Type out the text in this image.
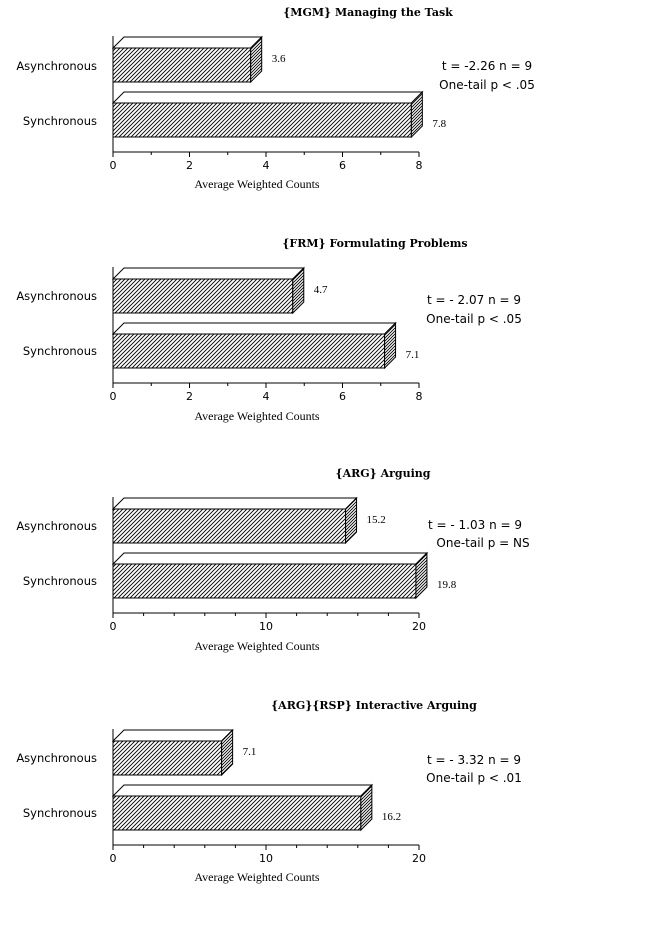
{MGM} Managing the Task
Asynchronous
Synchronous
t = -2.26 n = 9
One-tail p < .05
Average Weighted Counts
0	2	4	6	8
3.6
7.8
{FRM} Formulating Problems
Asynchronous
Synchronous
t = - 2.07 n = 9
One-tail p < .05
Average Weighted Counts
0	2	4	6	8
4.7
7.1
{ARG} Arguing
Asynchronous
Synchronous
t = - 1.03 n = 9
One-tail p = NS
Average Weighted Counts
0	10	20
15.2
19.8
{ARG}{RSP} Interactive Arguing
Asynchronous
Synchronous
t = - 3.32 n = 9
One-tail p < .01
Average Weighted Counts
0	10	20
7.1
16.2
